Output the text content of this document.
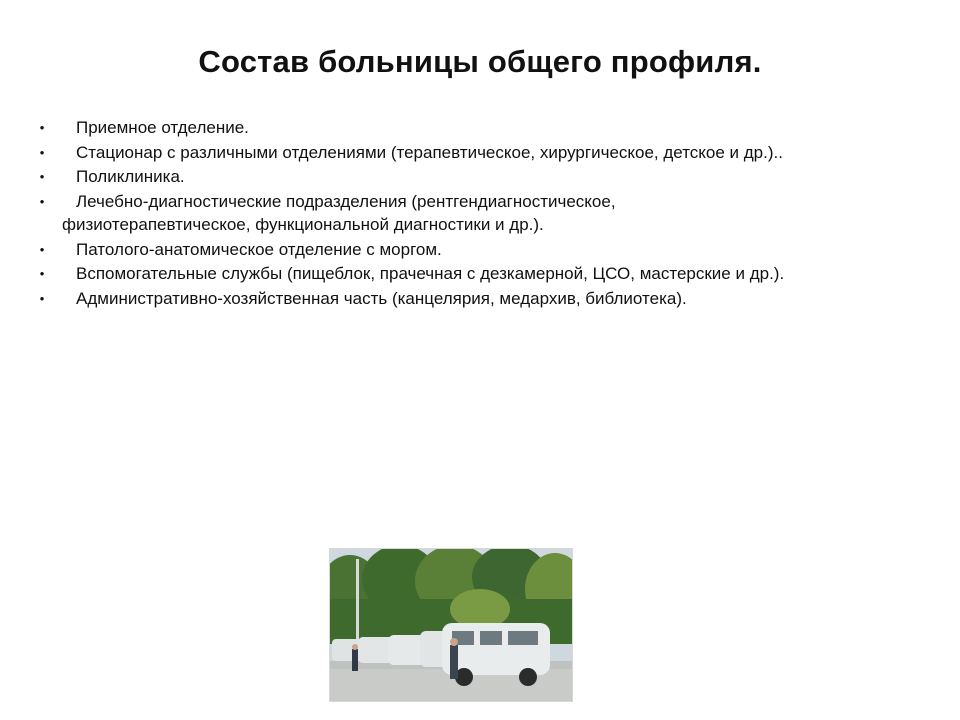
Состав больницы общего профиля.
• Приемное отделение.
• Стационар с различными отделениями (терапевтическое, хирургическое, детское и др.)..
• Поликлиника.
• Лечебно-диагностические подразделения (рентгендиагностическое,
физиотерапевтическое, функциональной диагностики и др.).
• Патолого-анатомическое отделение с моргом.
• Вспомогательные службы (пищеблок, прачечная с дезкамерной, ЦСО, мастерские и др.).
• Административно-хозяйственная часть (канцелярия, медархив, библиотека).
